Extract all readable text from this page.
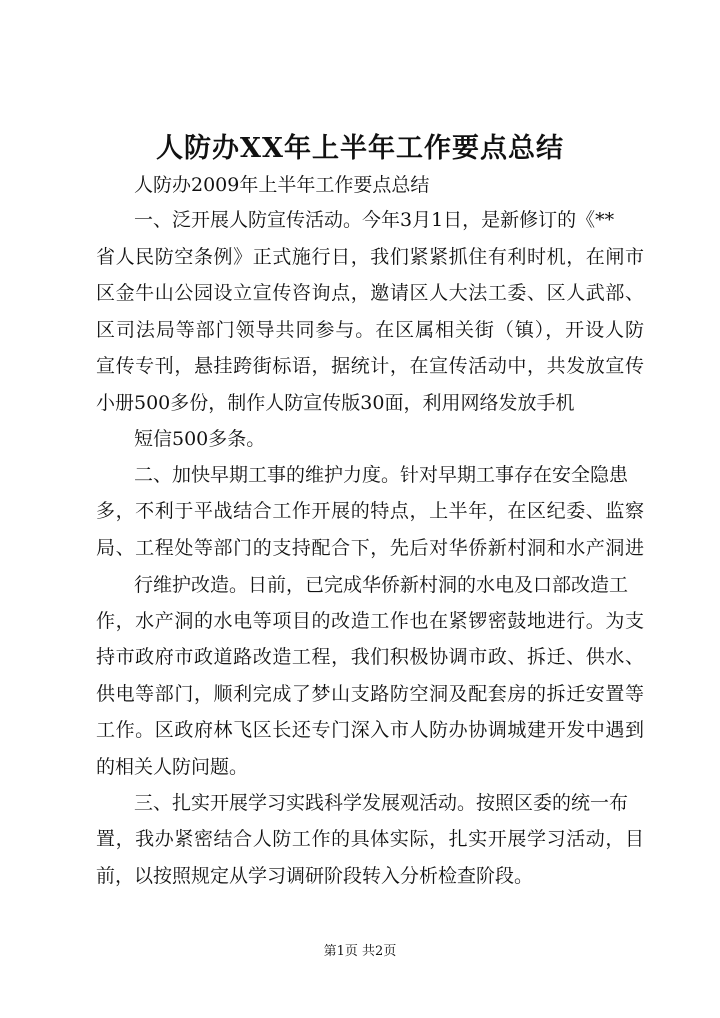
人防办XX年上半年工作要点总结
人防办2009年上半年工作要点总结
一、泛开展人防宣传活动。今年3月1日，是新修订的《**
省人民防空条例》正式施行日，我们紧紧抓住有利时机，在闸市
区金牛山公园设立宣传咨询点，邀请区人大法工委、区人武部、
区司法局等部门领导共同参与。在区属相关街（镇），开设人防
宣传专刊，悬挂跨街标语，据统计，在宣传活动中，共发放宣传
小册500多份，制作人防宣传版30面，利用网络发放手机
短信500多条。
二、加快早期工事的维护力度。针对早期工事存在安全隐患
多，不利于平战结合工作开展的特点，上半年，在区纪委、监察
局、工程处等部门的支持配合下，先后对华侨新村洞和水产洞进
行维护改造。日前，已完成华侨新村洞的水电及口部改造工
作，水产洞的水电等项目的改造工作也在紧锣密鼓地进行。为支
持市政府市政道路改造工程，我们积极协调市政、拆迁、供水、
供电等部门，顺利完成了梦山支路防空洞及配套房的拆迁安置等
工作。区政府林飞区长还专门深入市人防办协调城建开发中遇到
的相关人防问题。
三、扎实开展学习实践科学发展观活动。按照区委的统一布
置，我办紧密结合人防工作的具体实际，扎实开展学习活动，目
前，以按照规定从学习调研阶段转入分析检查阶段。
第1页 共2页
